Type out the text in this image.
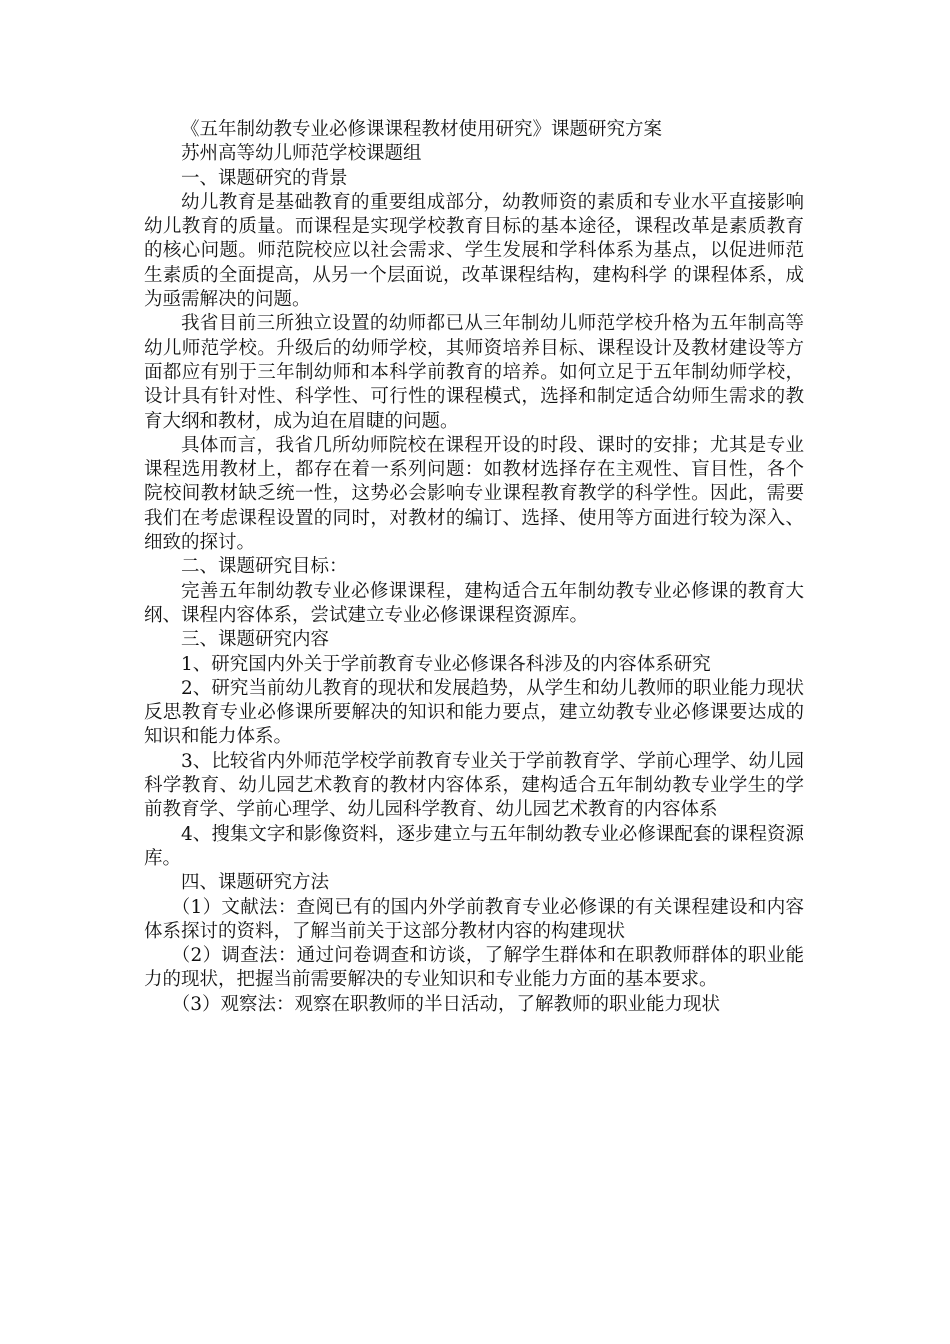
《五年制幼教专业必修课课程教材使用研究》课题研究方案

苏州高等幼儿师范学校课题组

一、课题研究的背景

幼儿教育是基础教育的重要组成部分，幼教师资的素质和专业水平直接影响幼儿教育的质量。而课程是实现学校教育目标的基本途径，课程改革是素质教育的核心问题。师范院校应以社会需求、学生发展和学科体系为基点，以促进师范生素质的全面提高，从另一个层面说，改革课程结构，建构科学 的课程体系，成为亟需解决的问题。

我省目前三所独立设置的幼师都已从三年制幼儿师范学校升格为五年制高等幼儿师范学校。升级后的幼师学校，其师资培养目标、课程设计及教材建设等方面都应有别于三年制幼师和本科学前教育的培养。如何立足于五年制幼师学校，设计具有针对性、科学性、可行性的课程模式，选择和制定适合幼师生需求的教育大纲和教材，成为迫在眉睫的问题。

具体而言，我省几所幼师院校在课程开设的时段、课时的安排；尤其是专业课程选用教材上，都存在着一系列问题：如教材选择存在主观性、盲目性，各个院校间教材缺乏统一性，这势必会影响专业课程教育教学的科学性。因此，需要我们在考虑课程设置的同时，对教材的编订、选择、使用等方面进行较为深入、细致的探讨。

二、课题研究目标：

完善五年制幼教专业必修课课程，建构适合五年制幼教专业必修课的教育大纲、课程内容体系，尝试建立专业必修课课程资源库。

三、课题研究内容

1、研究国内外关于学前教育专业必修课各科涉及的内容体系研究

2、研究当前幼儿教育的现状和发展趋势，从学生和幼儿教师的职业能力现状反思教育专业必修课所要解决的知识和能力要点，建立幼教专业必修课要达成的知识和能力体系。

3、比较省内外师范学校学前教育专业关于学前教育学、学前心理学、幼儿园科学教育、幼儿园艺术教育的教材内容体系，建构适合五年制幼教专业学生的学前教育学、学前心理学、幼儿园科学教育、幼儿园艺术教育的内容体系

4、搜集文字和影像资料，逐步建立与五年制幼教专业必修课配套的课程资源库。

四、课题研究方法

（1）文献法：查阅已有的国内外学前教育专业必修课的有关课程建设和内容体系探讨的资料，了解当前关于这部分教材内容的构建现状

（2）调查法：通过问卷调查和访谈，了解学生群体和在职教师群体的职业能力的现状，把握当前需要解决的专业知识和专业能力方面的基本要求。

（3）观察法：观察在职教师的半日活动，了解教师的职业能力现状
